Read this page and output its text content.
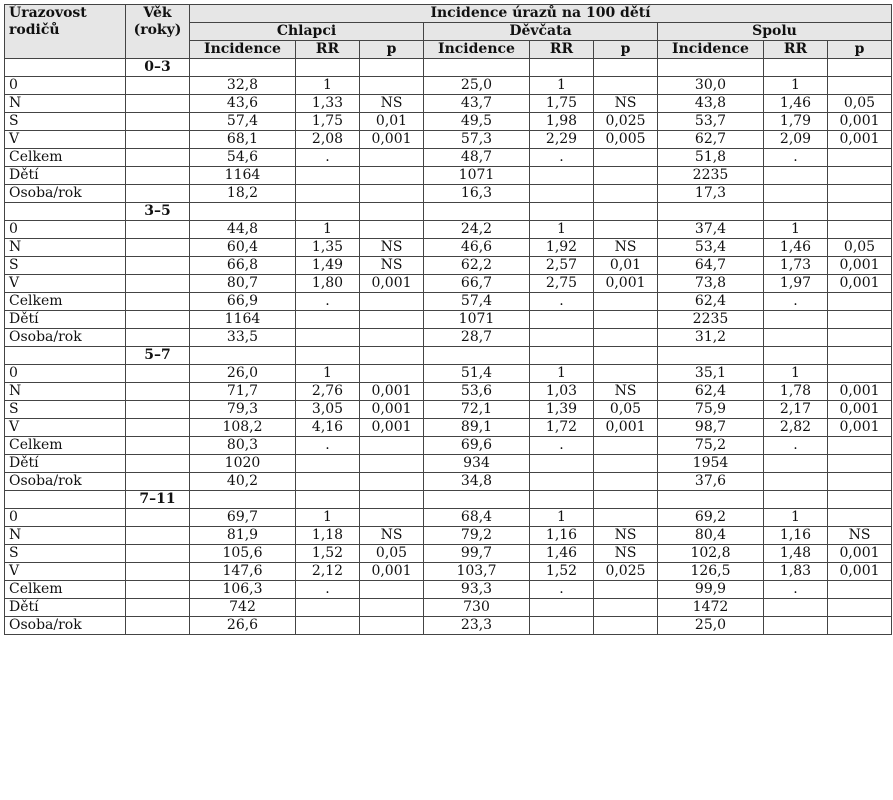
Úrazovost rodičů	Věk (roky)	Incidence úrazů na 100 dětí								
		Chlapci			Děvčata			Spolu		
		Incidence	RR	p	Incidence	RR	p	Incidence	RR	p
	0–3									
0		32,8	1		25,0	1		30,0	1	
N		43,6	1,33	NS	43,7	1,75	NS	43,8	1,46	0,05
S		57,4	1,75	0,01	49,5	1,98	0,025	53,7	1,79	0,001
V		68,1	2,08	0,001	57,3	2,29	0,005	62,7	2,09	0,001
Celkem		54,6	.		48,7	.		51,8	.	
Dětí		1164			1071			2235		
Osoba/rok		18,2			16,3			17,3		
	3–5									
0		44,8	1		24,2	1		37,4	1	
N		60,4	1,35	NS	46,6	1,92	NS	53,4	1,46	0,05
S		66,8	1,49	NS	62,2	2,57	0,01	64,7	1,73	0,001
V		80,7	1,80	0,001	66,7	2,75	0,001	73,8	1,97	0,001
Celkem		66,9	.		57,4	.		62,4	.	
Dětí		1164			1071			2235		
Osoba/rok		33,5			28,7			31,2		
	5–7									
0		26,0	1		51,4	1		35,1	1	
N		71,7	2,76	0,001	53,6	1,03	NS	62,4	1,78	0,001
S		79,3	3,05	0,001	72,1	1,39	0,05	75,9	2,17	0,001
V		108,2	4,16	0,001	89,1	1,72	0,001	98,7	2,82	0,001
Celkem		80,3	.		69,6	.		75,2	.	
Dětí		1020			934			1954		
Osoba/rok		40,2			34,8			37,6		
	7–11									
0		69,7	1		68,4	1		69,2	1	
N		81,9	1,18	NS	79,2	1,16	NS	80,4	1,16	NS
S		105,6	1,52	0,05	99,7	1,46	NS	102,8	1,48	0,001
V		147,6	2,12	0,001	103,7	1,52	0,025	126,5	1,83	0,001
Celkem		106,3	.		93,3	.		99,9	.	
Dětí		742			730			1472		
Osoba/rok		26,6			23,3			25,0		
